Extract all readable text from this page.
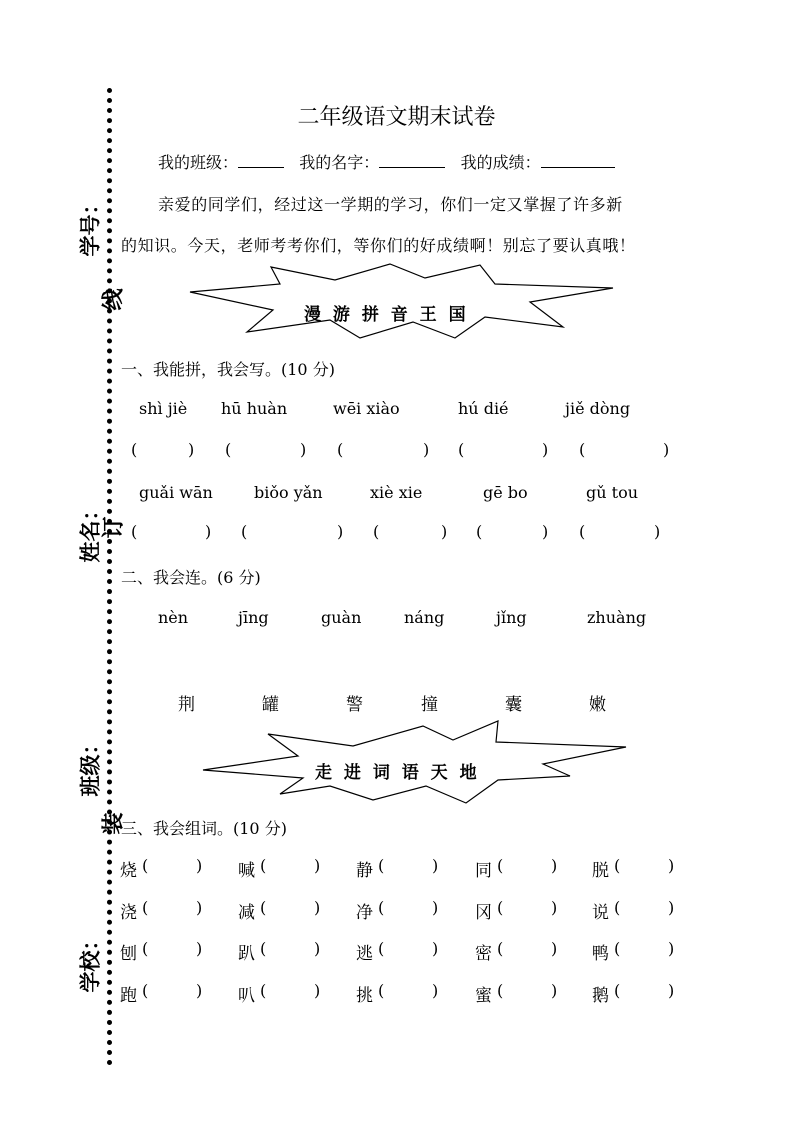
学号：
姓名：
班级：
学校：
线
订
装
二年级语文期末试卷
我的班级：	我的名字：	我的成绩：
亲爱的同学们，经过这一学期的学习，你们一定又掌握了许多新
的知识。今天，老师考考你们，等你们的好成绩啊！别忘了要认真哦！
漫 游 拼 音 王 国
一、我能拼，我会写。(10 分)
shì jiè hū huàn	wēi xiào	hú dié	jiě dòng
(	) (	) (	) (	) (	)
guǎi wān	biǒo yǎn	xiè xie	gē bo	gǔ tou
(	) (	) (	) (	) (	)
二、我会连。(6 分)
nèn	jīng	guàn	náng	jǐng	zhuàng
荆	罐	警	撞	囊	嫩
走 进 词 语 天 地
三、我会组词。(10 分)
烧 (	) 喊 (	) 静 (	) 同 (	) 脱 (	)
浇 (	) 减 (	) 净 (	) 冈 (	) 说 (	)
刨 (	) 趴 (	) 逃 (	) 密 (	) 鸭 (	)
跑 (	) 叭 (	) 挑 (	) 蜜 (	) 鹅 (	)
